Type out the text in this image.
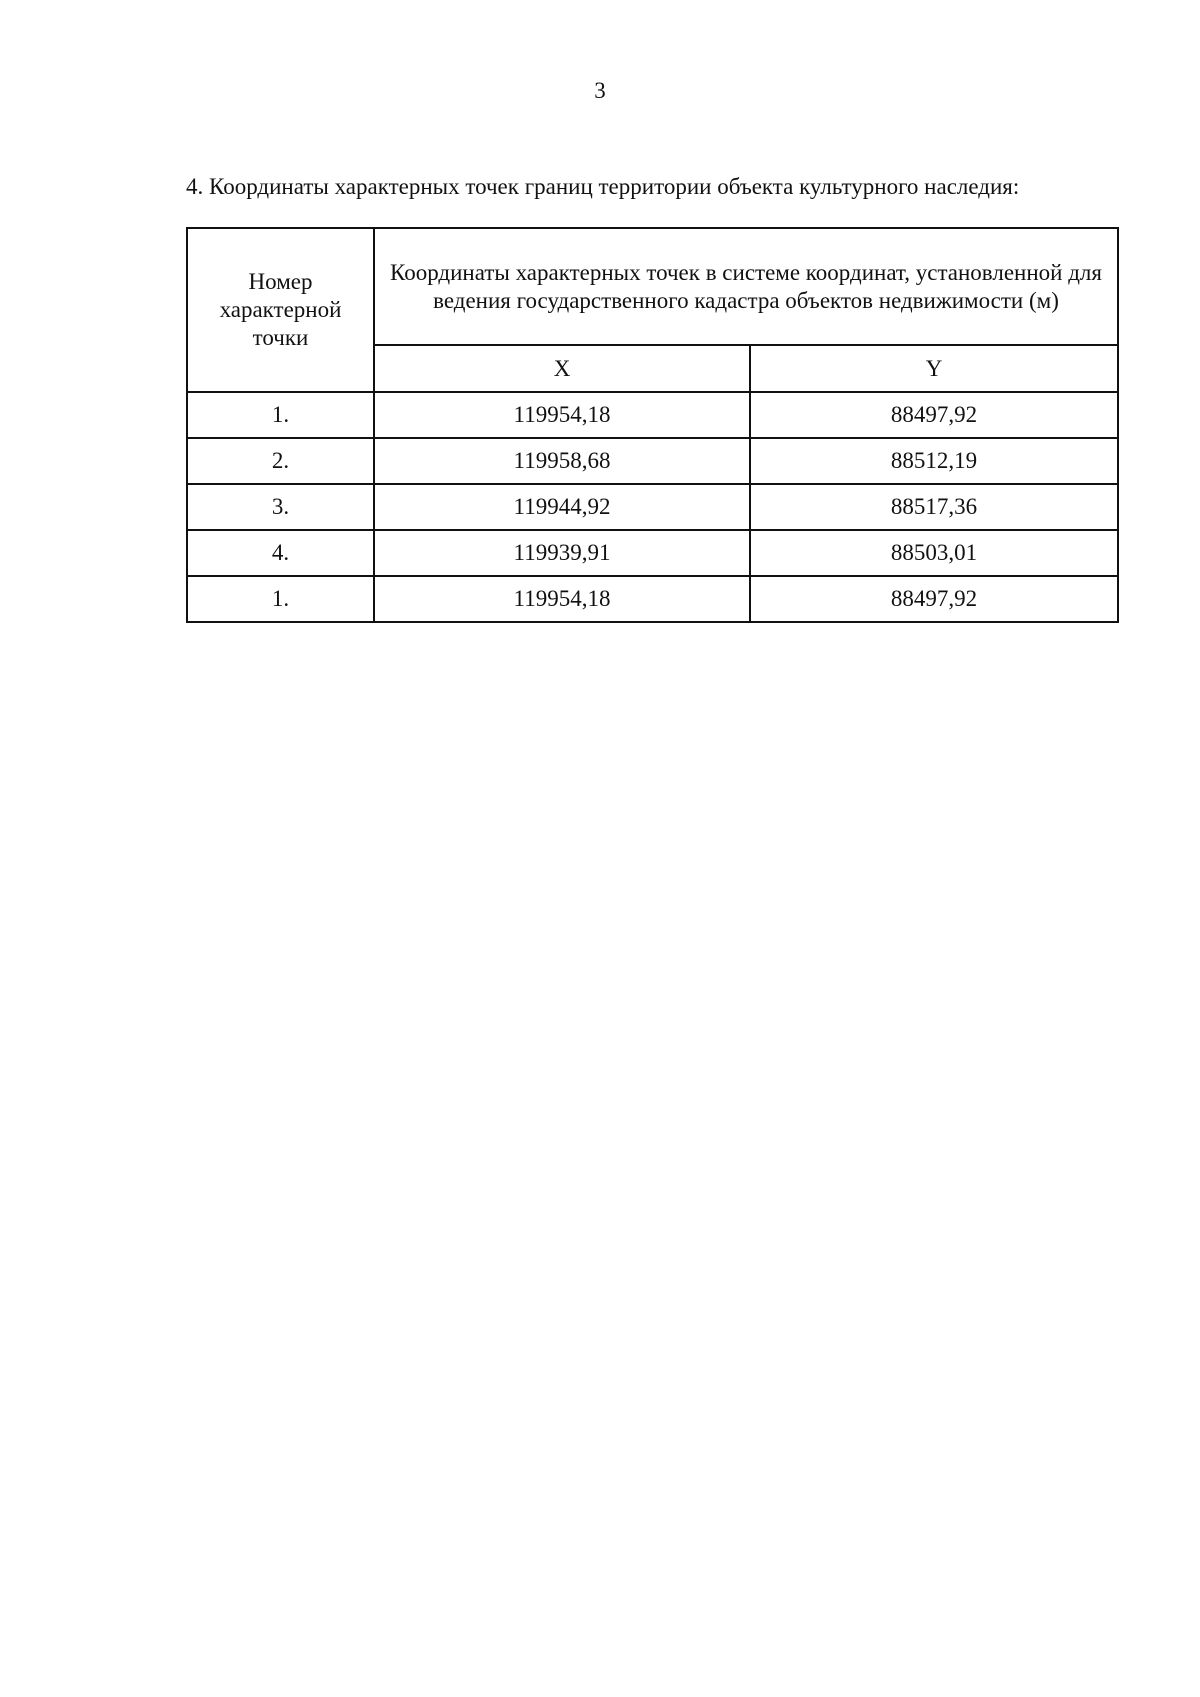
3
4. Координаты характерных точек границ территории объекта культурного наследия:
Номер характерной точки	Координаты характерных точек в системе координат, установленной для ведения государственного кадастра объектов недвижимости (м)	
	X	Y
1.	119954,18	88497,92
2.	119958,68	88512,19
3.	119944,92	88517,36
4.	119939,91	88503,01
1.	119954,18	88497,92
